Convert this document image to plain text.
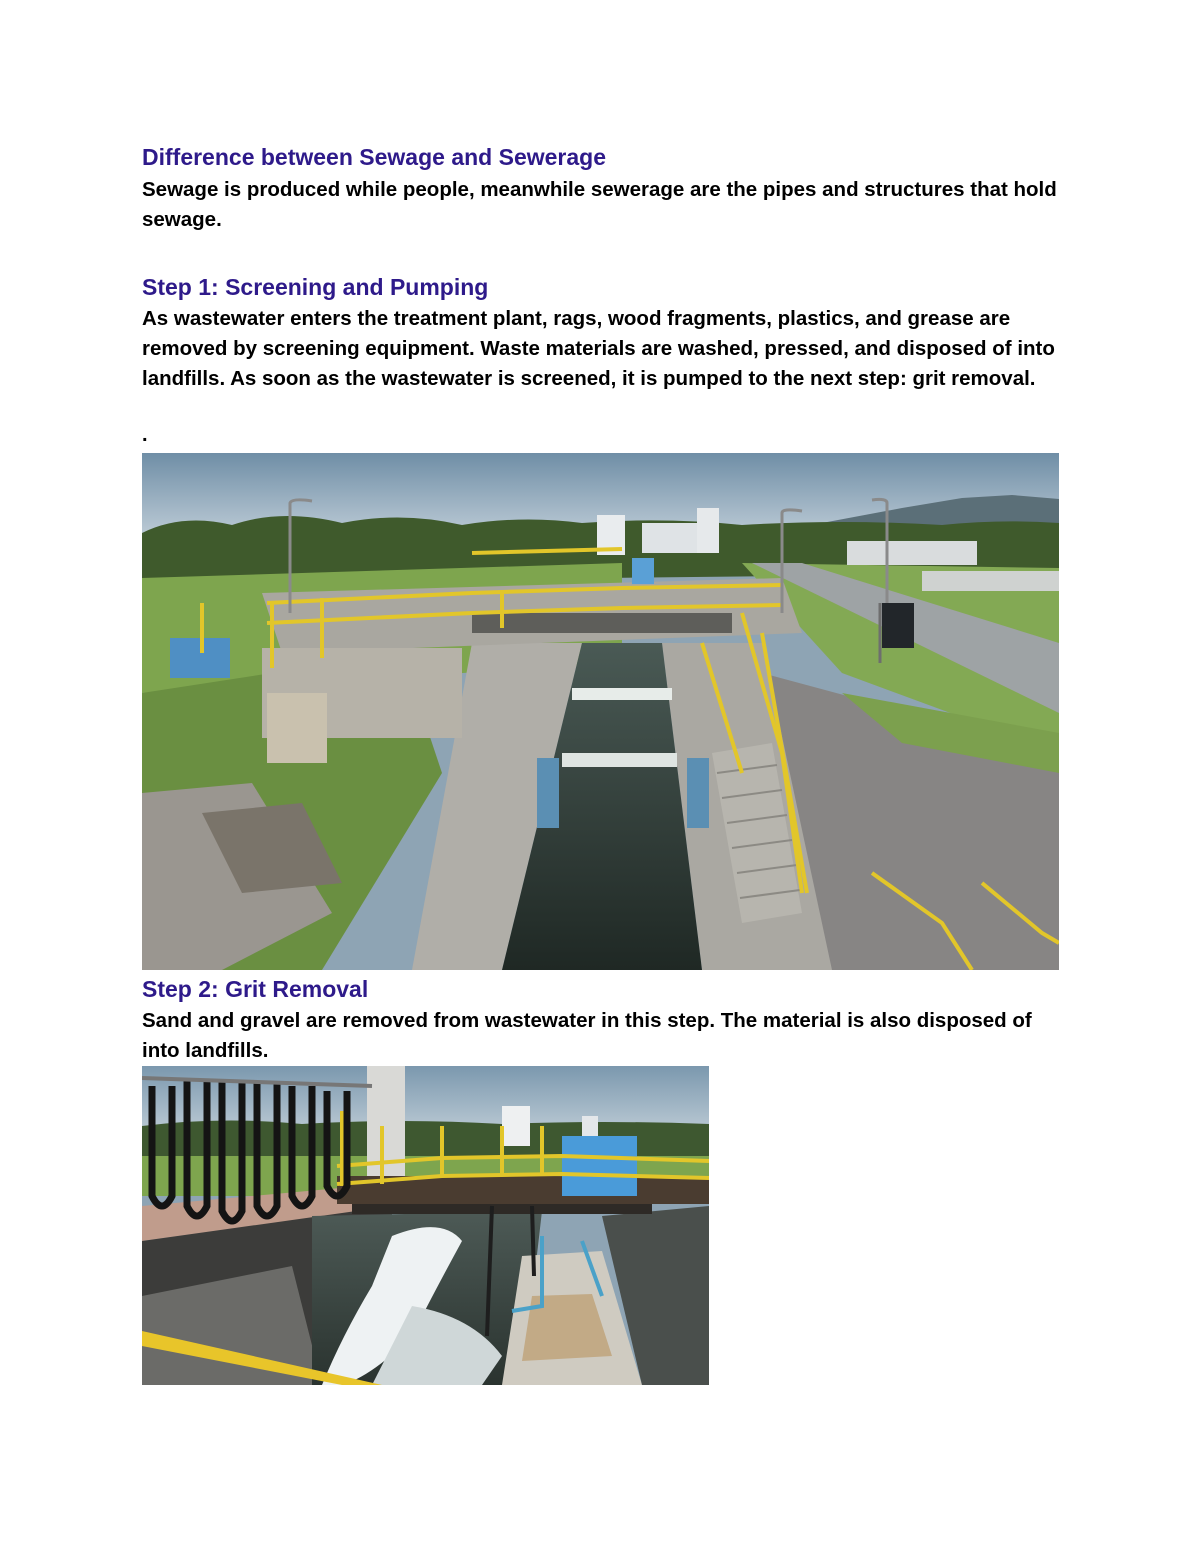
Difference between Sewage and Sewerage

Sewage is produced while people, meanwhile sewerage are the pipes and structures that hold sewage.

Step 1: Screening and Pumping

As wastewater enters the treatment plant, rags, wood fragments, plastics, and grease are removed by screening equipment. Waste materials are washed, pressed, and disposed of into landfills. As soon as the wastewater is screened, it is pumped to the next step: grit removal.

.

Step 2: Grit Removal

Sand and gravel are removed from wastewater in this step. The material is also disposed of into landfills.
